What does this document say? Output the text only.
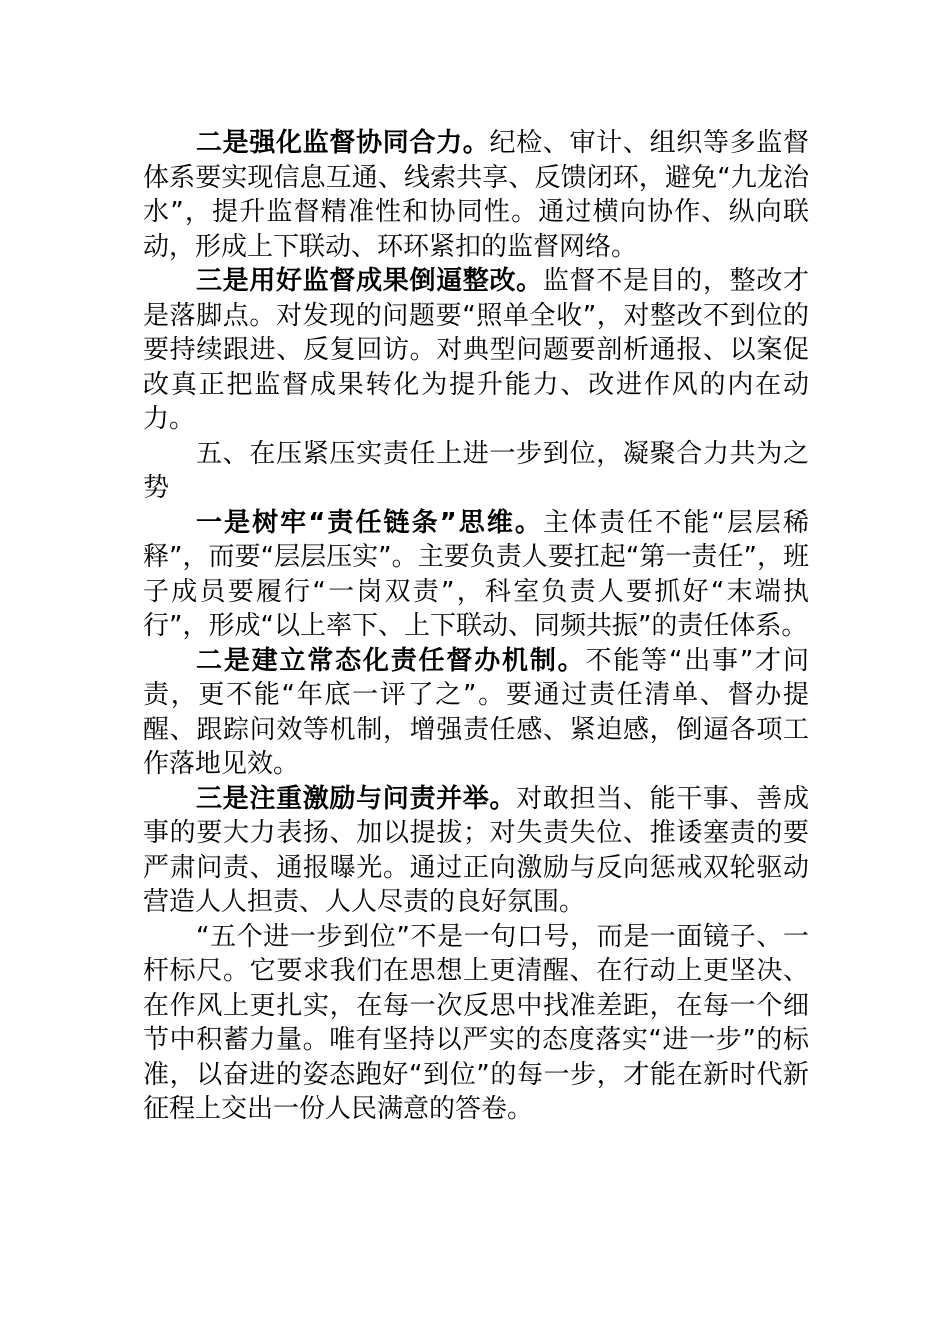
二是强化监督协同合力。纪检、审计、组织等多监督体系要实现信息互通、线索共享、反馈闭环，避免“九龙治水”，提升监督精准性和协同性。通过横向协作、纵向联动，形成上下联动、环环紧扣的监督网络。

三是用好监督成果倒逼整改。监督不是目的，整改才是落脚点。对发现的问题要“照单全收”，对整改不到位的要持续跟进、反复回访。对典型问题要剖析通报、以案促改真正把监督成果转化为提升能力、改进作风的内在动力。

五、在压紧压实责任上进一步到位，凝聚合力共为之势

一是树牢“责任链条”思维。主体责任不能“层层稀释”，而要“层层压实”。主要负责人要扛起“第一责任”，班子成员要履行“一岗双责”，科室负责人要抓好“末端执行”，形成“以上率下、上下联动、同频共振”的责任体系。

二是建立常态化责任督办机制。不能等“出事”才问责，更不能“年底一评了之”。要通过责任清单、督办提醒、跟踪问效等机制，增强责任感、紧迫感，倒逼各项工作落地见效。

三是注重激励与问责并举。对敢担当、能干事、善成事的要大力表扬、加以提拔；对失责失位、推诿塞责的要严肃问责、通报曝光。通过正向激励与反向惩戒双轮驱动营造人人担责、人人尽责的良好氛围。

“五个进一步到位”不是一句口号，而是一面镜子、一杆标尺。它要求我们在思想上更清醒、在行动上更坚决、在作风上更扎实，在每一次反思中找准差距，在每一个细节中积蓄力量。唯有坚持以严实的态度落实“进一步”的标准，以奋进的姿态跑好“到位”的每一步，才能在新时代新征程上交出一份人民满意的答卷。
